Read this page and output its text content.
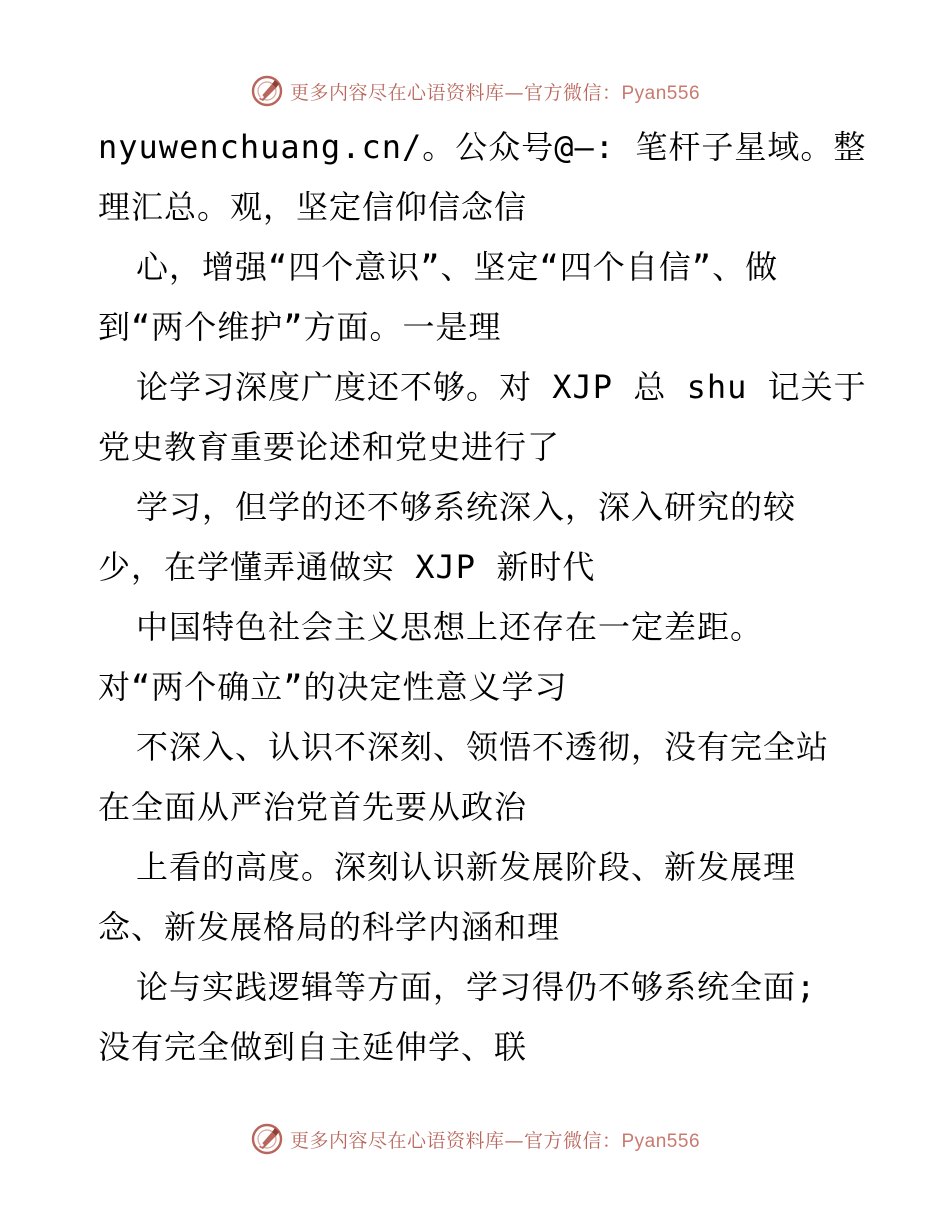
更多内容尽在心语资料库—官方微信：Pyan556
nyuwenchuang.cn/。公众号@—: 笔杆子星域。整
理汇总。观，坚定信仰信念信
心，增强“四个意识”、坚定“四个自信”、做
到“两个维护”方面。一是理
论学习深度广度还不够。对 XJP 总 shu 记关于
党史教育重要论述和党史进行了
学习，但学的还不够系统深入，深入研究的较
少，在学懂弄通做实 XJP 新时代
中国特色社会主义思想上还存在一定差距。
对“两个确立”的决定性意义学习
不深入、认识不深刻、领悟不透彻，没有完全站
在全面从严治党首先要从政治
上看的高度。深刻认识新发展阶段、新发展理
念、新发展格局的科学内涵和理
论与实践逻辑等方面，学习得仍不够系统全面;
没有完全做到自主延伸学、联
更多内容尽在心语资料库—官方微信：Pyan556
